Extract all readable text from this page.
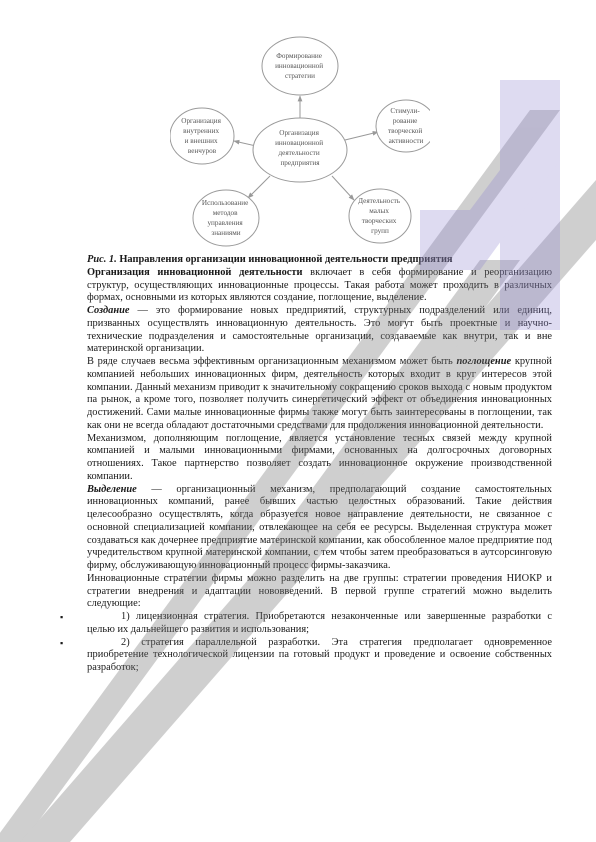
Организация инновационной деятельности предприятия
Формирование инновационной стратегии
Стимули- рование творческой активности
Деятельность малых творческих групп
Использование методов управления знаниями
Организация внутренних и внешних венчуров

Рис. 1. Направления организации инновационной деятельности предприятия

Организация инновационной деятельности включает в себя формирование и реорганизацию структур, осуществляющих инновационные процессы. Такая работа может проходить в различных формах, основными из которых являются создание, поглощение, выделение.

Создание — это формирование новых предприятий, структурных подразделений или единиц, призванных осуществлять инновационную деятельность. Это могут быть проектные и научно-технические подразделения и самостоятельные организации, создаваемые как внутри, так и вне материнской организации.

В ряде случаев весьма эффективным организационным механизмом может быть поглощение крупной компанией небольших инновационных фирм, деятельность которых входит в круг интересов этой компании. Данный механизм приводит к значительному сокращению сроков выхода с новым продуктом па рынок, а кроме того, позволяет получить синергетический эффект от объединения инновационных достижений. Сами малые инновационные фирмы также могут быть заинтересованы в поглощении, так как они не всегда обладают достаточными средствами для продолжения инновационной деятельности.

Механизмом, дополняющим поглощение, является установление тесных связей между крупной компанией и малыми инновационными фирмами, основанных на долгосрочных договорных отношениях. Такое партнерство позволяет создать инновационное окружение производственной компании.

Выделение — организационный механизм, предполагающий создание самостоятельных инновационных компаний, ранее бывших частью целостных образований. Такие действия целесообразно осуществлять, когда образуется новое направление деятельности, не связанное с основной специализацией компании, отвлекающее на себя ее ресурсы. Выделенная структура может создаваться как дочернее предприятие материнской компании, как обособленное малое предприятие под учредительством крупной материнской компании, с тем чтобы затем преобразоваться в аутсорсинговую фирму, обслуживающую инновационный процесс фирмы-заказчика.

Инновационные стратегии фирмы можно разделить на две группы: стратегии проведения НИОКР и стратегии внедрения и адаптации нововведений. В первой группе стратегий можно выделить следующие:

▪	1) лицензионная стратегия. Приобретаются незаконченные или завершенные разработки с целью их дальнейшего развития и использования;

▪	2) стратегия параллельной разработки. Эта стратегия предполагает одновременное приобретение технологической лицензии па готовый продукт и проведение и освоение собственных разработок;
